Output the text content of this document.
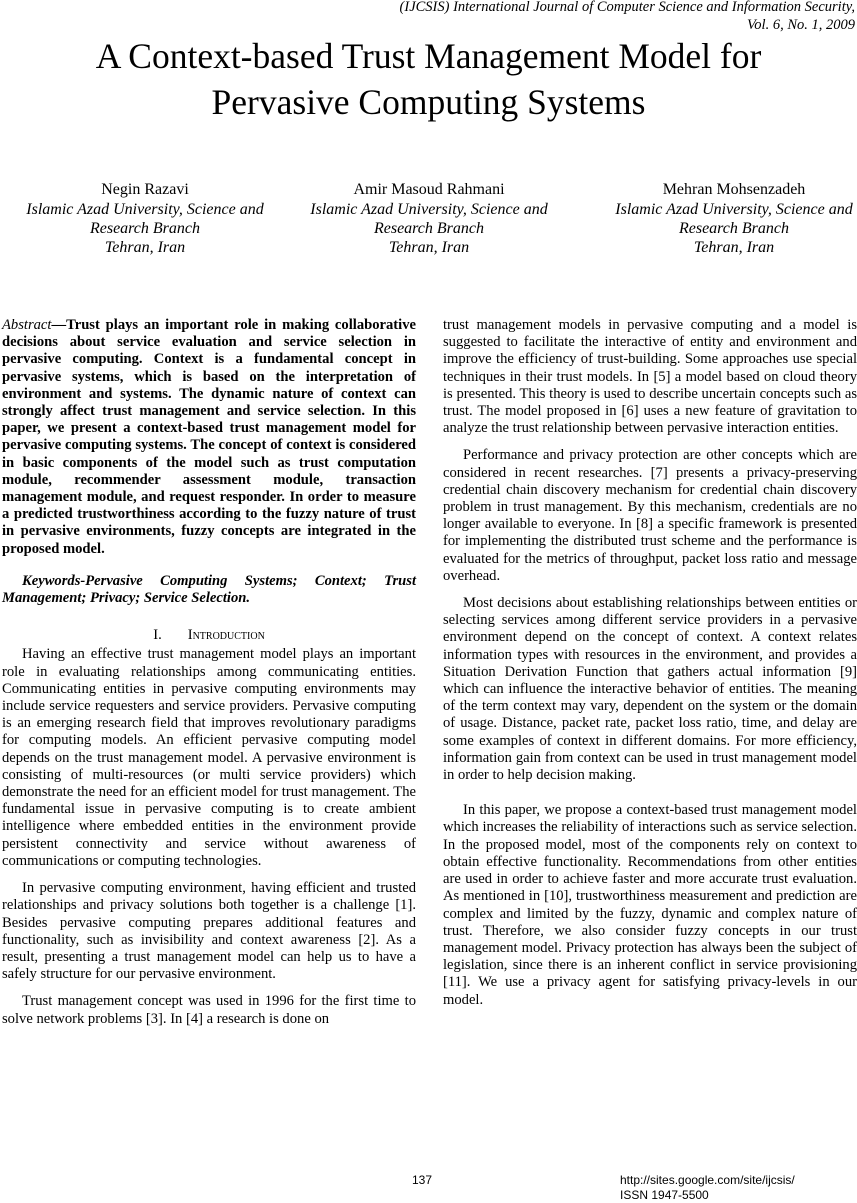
(IJCSIS) International Journal of Computer Science and Information Security,
Vol. 6, No. 1, 2009
A Context-based Trust Management Model for
Pervasive Computing Systems
Negin Razavi
Islamic Azad University, Science and
Research Branch
Tehran, Iran
Amir Masoud Rahmani
Islamic Azad University, Science and
Research Branch
Tehran, Iran
Mehran Mohsenzadeh
Islamic Azad University, Science and
Research Branch
Tehran, Iran

Abstract—Trust plays an important role in making collaborative decisions about service evaluation and service selection in pervasive computing. Context is a fundamental concept in pervasive systems, which is based on the interpretation of environment and systems. The dynamic nature of context can strongly affect trust management and service selection. In this paper, we present a context-based trust management model for pervasive computing systems. The concept of context is considered in basic components of the model such as trust computation module, recommender assessment module, transaction management module, and request responder. In order to measure a predicted trustworthiness according to the fuzzy nature of trust in pervasive environments, fuzzy concepts are integrated in the proposed model.

Keywords-Pervasive Computing Systems; Context; Trust Management; Privacy; Service Selection.

I. Introduction

Having an effective trust management model plays an important role in evaluating relationships among communicating entities. Communicating entities in pervasive computing environments may include service requesters and service providers. Pervasive computing is an emerging research field that improves revolutionary paradigms for computing models. An efficient pervasive computing model depends on the trust management model. A pervasive environment is consisting of multi-resources (or multi service providers) which demonstrate the need for an efficient model for trust management. The fundamental issue in pervasive computing is to create ambient intelligence where embedded entities in the environment provide persistent connectivity and service without awareness of communications or computing technologies.

In pervasive computing environment, having efficient and trusted relationships and privacy solutions both together is a challenge [1]. Besides pervasive computing prepares additional features and functionality, such as invisibility and context awareness [2]. As a result, presenting a trust management model can help us to have a safely structure for our pervasive environment.

Trust management concept was used in 1996 for the first time to solve network problems [3]. In [4] a research is done on

trust management models in pervasive computing and a model is suggested to facilitate the interactive of entity and environment and improve the efficiency of trust-building. Some approaches use special techniques in their trust models. In [5] a model based on cloud theory is presented. This theory is used to describe uncertain concepts such as trust. The model proposed in [6] uses a new feature of gravitation to analyze the trust relationship between pervasive interaction entities.

Performance and privacy protection are other concepts which are considered in recent researches. [7] presents a privacy-preserving credential chain discovery mechanism for credential chain discovery problem in trust management. By this mechanism, credentials are no longer available to everyone. In [8] a specific framework is presented for implementing the distributed trust scheme and the performance is evaluated for the metrics of throughput, packet loss ratio and message overhead.

Most decisions about establishing relationships between entities or selecting services among different service providers in a pervasive environment depend on the concept of context. A context relates information types with resources in the environment, and provides a Situation Derivation Function that gathers actual information [9] which can influence the interactive behavior of entities. The meaning of the term context may vary, dependent on the system or the domain of usage. Distance, packet rate, packet loss ratio, time, and delay are some examples of context in different domains. For more efficiency, information gain from context can be used in trust management model in order to help decision making.

In this paper, we propose a context-based trust management model which increases the reliability of interactions such as service selection. In the proposed model, most of the components rely on context to obtain effective functionality. Recommendations from other entities are used in order to achieve faster and more accurate trust evaluation. As mentioned in [10], trustworthiness measurement and prediction are complex and limited by the fuzzy, dynamic and complex nature of trust. Therefore, we also consider fuzzy concepts in our trust management model. Privacy protection has always been the subject of legislation, since there is an inherent conflict in service provisioning [11]. We use a privacy agent for satisfying privacy-levels in our model.

137	http://sites.google.com/site/ijcsis/
ISSN 1947-5500
